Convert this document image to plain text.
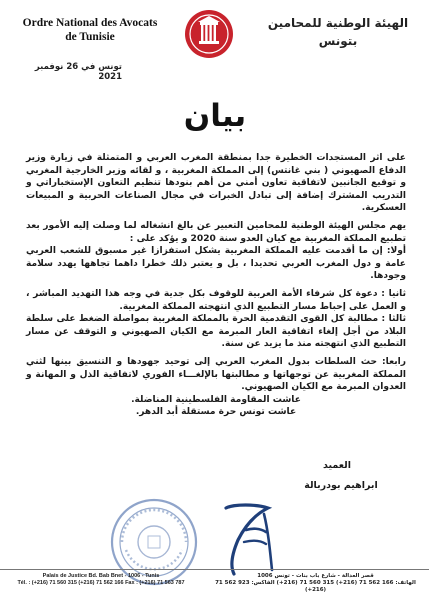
Ordre National des Avocats
de Tunisie
الهيئة الوطنية للمحامين
بتونس
تونس في 26 نوفمبر 2021
بيان

على اثر المستجدات الخطيرة جدا بمنطقة المغرب العربي و المتمثلة في زيارة وزير الدفاع الصهيوني ( بني غانتس) إلى المملكة المغربية ، و لقائه وزير الخارجية المغربي و توقيع الجانبين لاتفاقية تعاون أمني من أهم بنودها تنظيم التعاون الإستخباراتي و التدريب المشترك إضافة إلى تبادل الخبرات في مجال الصناعات الحربية و المبيعات العسكرية.

يهم مجلس الهيئة الوطنية للمحامين التعبير عن بالغ انشغاله لما وصلت إليه الأمور بعد تطبيع المملكة المغربية مع كيان العدو سنة 2020 و يؤكد على :

أولا: إن ما أقدمت عليه المملكة المغربية يشكل استفزازا غير مسبوق للشعب العربي عامة و دول المغرب العربي تحديدا ، بل و يعتبر ذلك خطرا داهما تجاهها يهدد سلامة وجودها.

ثانيا : دعوة كل شرفاء الأمة العربية للوقوف بكل جدية في وجه هذا التهديد المباشر ، و العمل على إحباط مسار التطبيع الذي انتهجته المملكة المغربية.

ثالثا : مطالبة كل القوى التقدمية الحرة بالمملكة المغربية بمواصلة الضغط على سلطة البلاد من أجل إلغاء اتفاقية العار المبرمة مع الكيان الصهيوني و التوقف عن مسار التطبيع الذي انتهجته منذ ما يزيد عن سنة.

رابعا: حث السلطات بدول المغرب العربي إلى توحيد جهودها و التنسيق بينها لثني المملكة المغربية عن توجهاتها و مطالبتها بالإلغـــاء الفوري لاتفاقية الذل و المهانة و العدوان المبرمة مع الكيان الصهيوني.

عاشت المقاومة الفلسطينية المناضلة.

عاشت تونس حرة مستقلة أبد الدهر.

العميد
ابراهيم بودربالة
Palais de Justice Bd. Bab Bnet - 1006 - Tunis
Tél. : (+216) 71 560 315 (+216) 71 562 166 Fax : (+216) 71 563 787
قصر العدالة - شارع باب بنات - تونس 1006
الهاتف: 166 562 71 (216+) 315 560 71 (216+) الفاكس: 923 562 71 (216+)
